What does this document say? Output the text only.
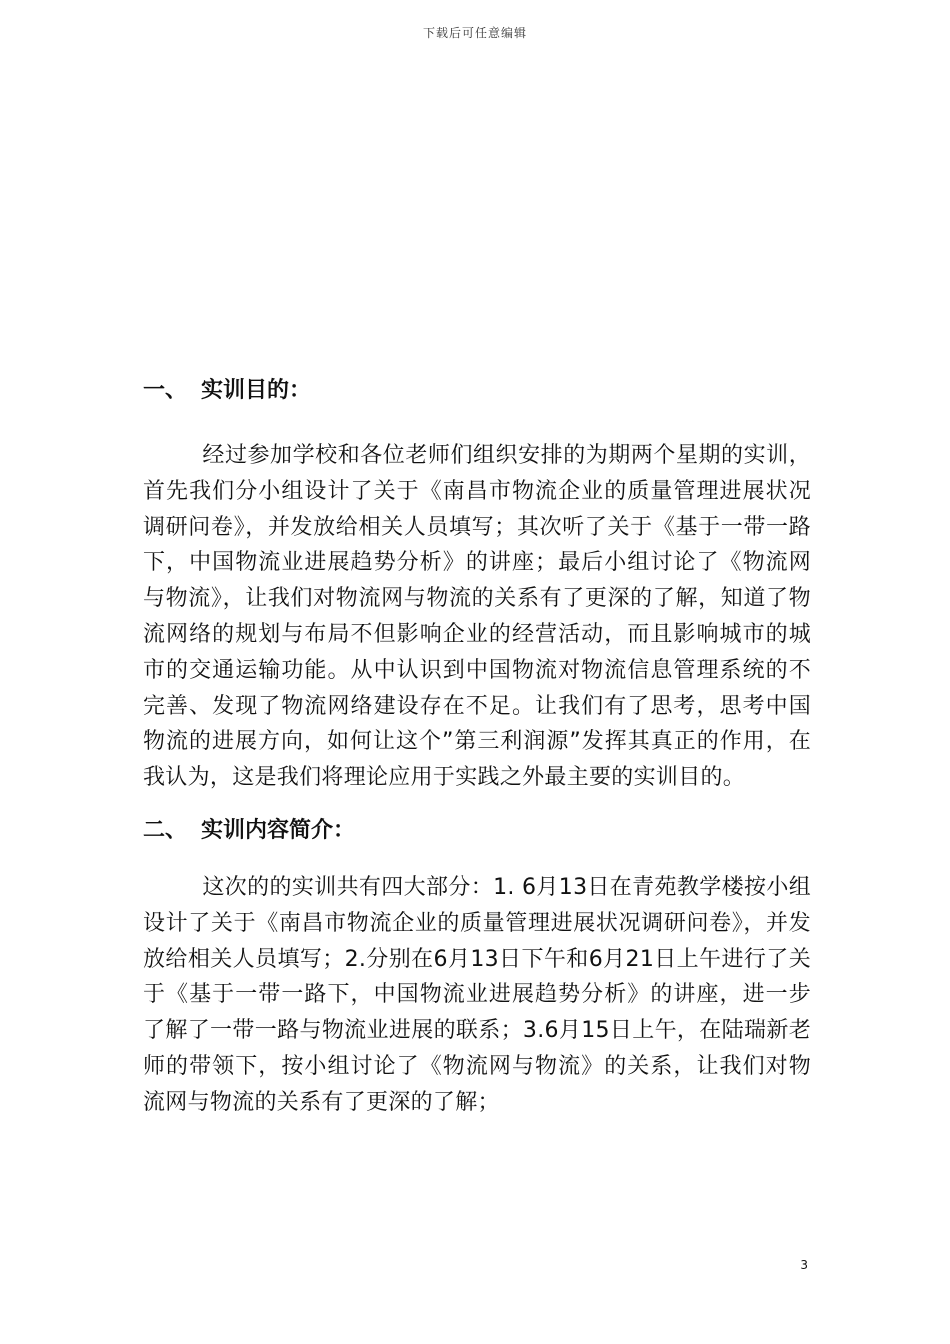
下载后可任意编辑
一、 实训目的：

经过参加学校和各位老师们组织安排的为期两个星期的实训，首先我们分小组设计了关于《南昌市物流企业的质量管理进展状况调研问卷》，并发放给相关人员填写；其次听了关于《基于一带一路下，中国物流业进展趋势分析》的讲座；最后小组讨论了《物流网与物流》，让我们对物流网与物流的关系有了更深的了解，知道了物流网络的规划与布局不但影响企业的经营活动，而且影响城市的城市的交通运输功能。从中认识到中国物流对物流信息管理系统的不完善、发现了物流网络建设存在不足。让我们有了思考，思考中国物流的进展方向，如何让这个”第三利润源”发挥其真正的作用，在我认为，这是我们将理论应用于实践之外最主要的实训目的。

二、 实训内容简介：

这次的的实训共有四大部分：1. 6月13日在青苑教学楼按小组设计了关于《南昌市物流企业的质量管理进展状况调研问卷》，并发放给相关人员填写；2.分别在6月13日下午和6月21日上午进行了关于《基于一带一路下，中国物流业进展趋势分析》的讲座，进一步了解了一带一路与物流业进展的联系；3.6月15日上午，在陆瑞新老师的带领下，按小组讨论了《物流网与物流》的关系，让我们对物流网与物流的关系有了更深的了解；

3
